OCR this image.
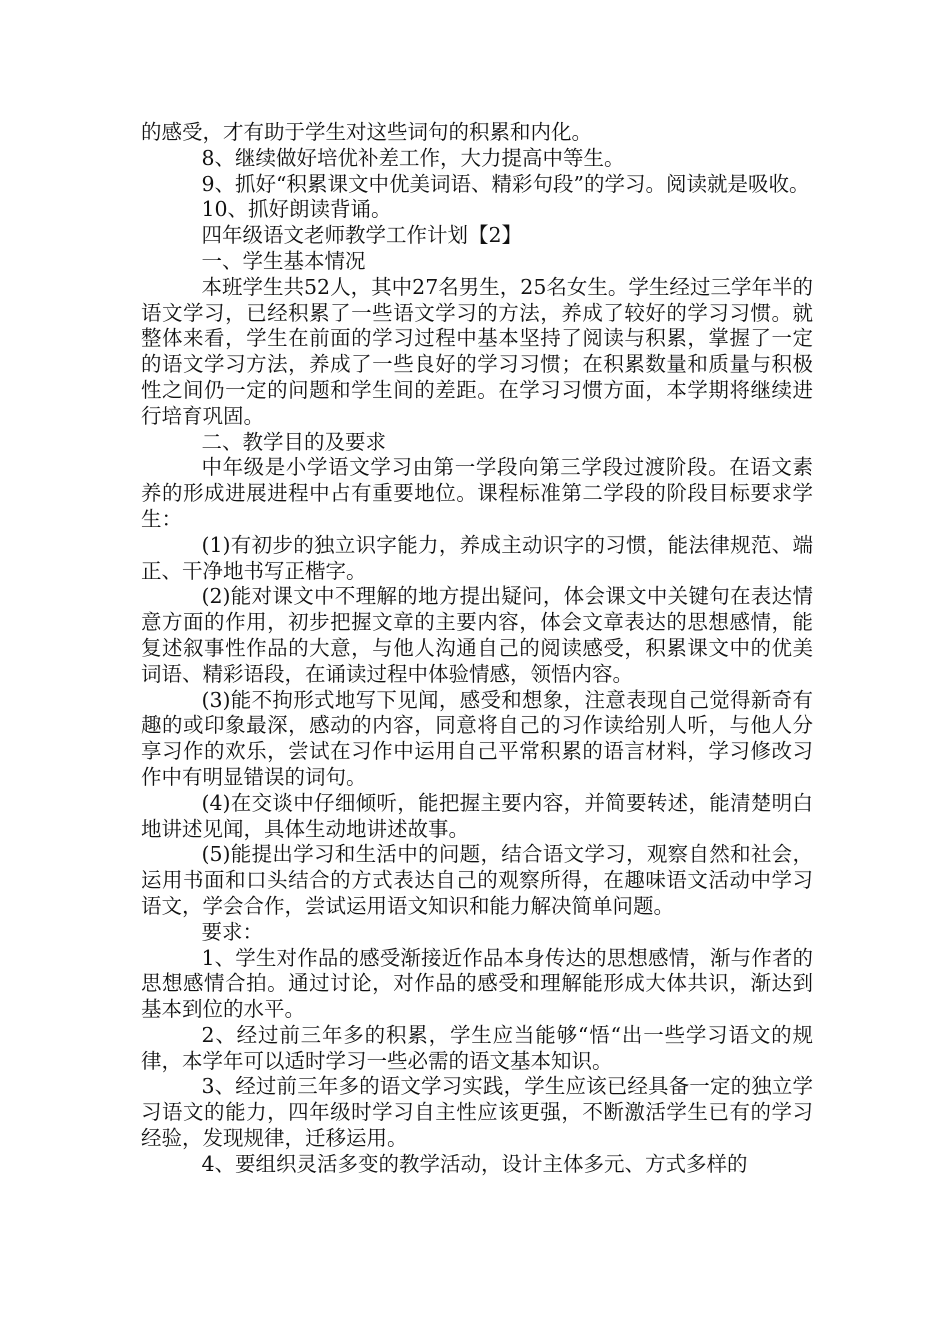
的感受，才有助于学生对这些词句的积累和内化。

8、继续做好培优补差工作，大力提高中等生。

9、抓好“积累课文中优美词语、精彩句段”的学习。阅读就是吸收。

10、抓好朗读背诵。

四年级语文老师教学工作计划【2】

一、学生基本情况

本班学生共52人，其中27名男生，25名女生。学生经过三学年半的语文学习，已经积累了一些语文学习的方法，养成了较好的学习习惯。就整体来看，学生在前面的学习过程中基本坚持了阅读与积累，掌握了一定的语文学习方法，养成了一些良好的学习习惯；在积累数量和质量与积极性之间仍一定的问题和学生间的差距。在学习习惯方面，本学期将继续进行培育巩固。

二、教学目的及要求

中年级是小学语文学习由第一学段向第三学段过渡阶段。在语文素养的形成进展进程中占有重要地位。课程标准第二学段的阶段目标要求学生：

(1)有初步的独立识字能力，养成主动识字的习惯，能法律规范、端正、干净地书写正楷字。

(2)能对课文中不理解的地方提出疑问，体会课文中关键句在表达情意方面的作用，初步把握文章的主要内容，体会文章表达的思想感情，能复述叙事性作品的大意，与他人沟通自己的阅读感受，积累课文中的优美词语、精彩语段，在诵读过程中体验情感，领悟内容。

(3)能不拘形式地写下见闻，感受和想象，注意表现自己觉得新奇有趣的或印象最深，感动的内容，同意将自己的习作读给别人听，与他人分享习作的欢乐，尝试在习作中运用自己平常积累的语言材料，学习修改习作中有明显错误的词句。

(4)在交谈中仔细倾听，能把握主要内容，并简要转述，能清楚明白地讲述见闻，具体生动地讲述故事。

(5)能提出学习和生活中的问题，结合语文学习，观察自然和社会，运用书面和口头结合的方式表达自己的观察所得，在趣味语文活动中学习语文，学会合作，尝试运用语文知识和能力解决简单问题。

要求：

1、学生对作品的感受渐接近作品本身传达的思想感情，渐与作者的思想感情合拍。通过讨论，对作品的感受和理解能形成大体共识，渐达到基本到位的水平。

2、经过前三年多的积累，学生应当能够“悟“出一些学习语文的规律，本学年可以适时学习一些必需的语文基本知识。

3、经过前三年多的语文学习实践，学生应该已经具备一定的独立学习语文的能力，四年级时学习自主性应该更强，不断激活学生已有的学习经验，发现规律，迁移运用。

4、要组织灵活多变的教学活动，设计主体多元、方式多样的
